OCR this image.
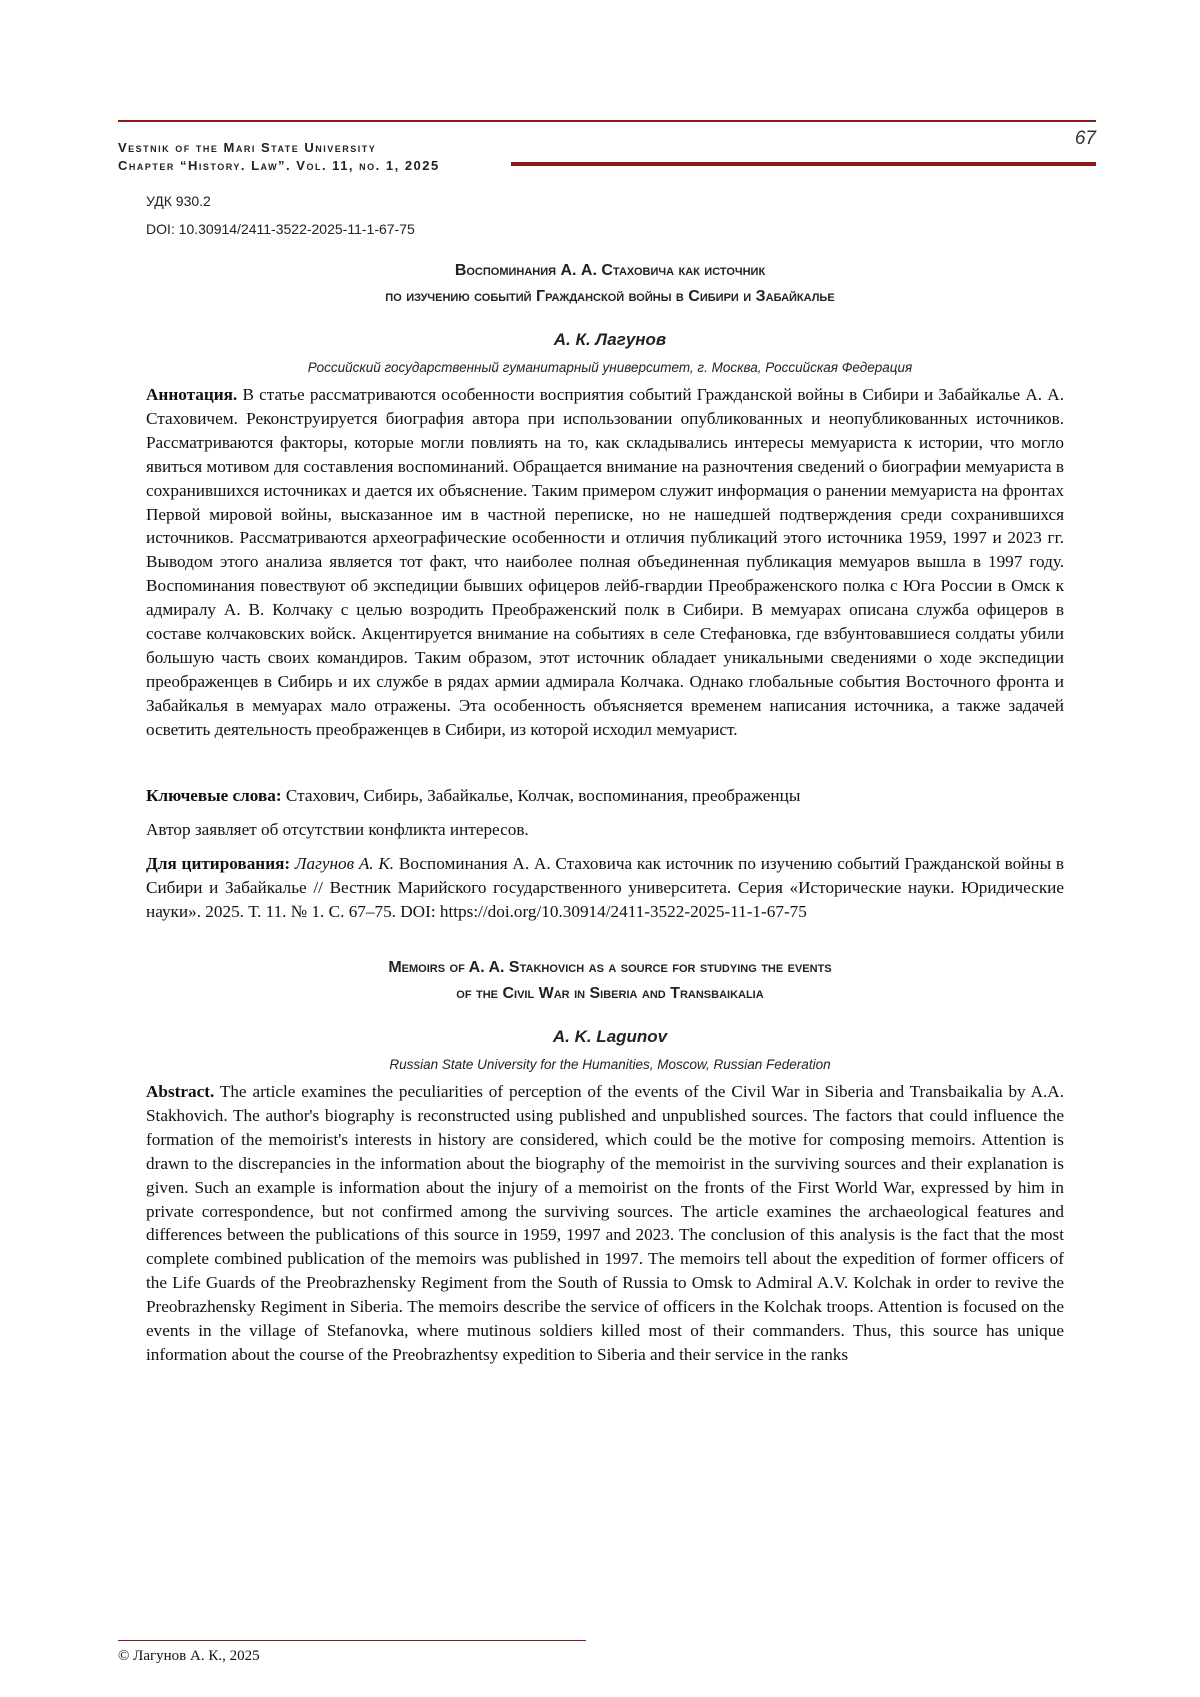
Vestnik of the Mari State University
Chapter “History. Law”. Vol. 11, no. 1, 2025
67
УДК 930.2
DOI: 10.30914/2411-3522-2025-11-1-67-75
Воспоминания А. А. Стаховича как источник
по изучению событий Гражданской войны в Сибири и Забайкалье
А. К. Лагунов
Российский государственный гуманитарный университет, г. Москва, Российская Федерация

Аннотация. В статье рассматриваются особенности восприятия событий Гражданской войны в Сибири и Забайкалье А. А. Стаховичем. Реконструируется биография автора при использовании опубликованных и неопубликованных источников. Рассматриваются факторы, которые могли повлиять на то, как складывались интересы мемуариста к истории, что могло явиться мотивом для составления воспоминаний. Обращается внимание на разночтения сведений о биографии мемуариста в сохранившихся источниках и дается их объяснение. Таким примером служит информация о ранении мемуариста на фронтах Первой мировой войны, высказанное им в частной переписке, но не нашедшей подтверждения среди сохранившихся источников. Рассматриваются археографические особенности и отличия публикаций этого источника 1959, 1997 и 2023 гг. Выводом этого анализа является тот факт, что наиболее полная объединенная публикация мемуаров вышла в 1997 году. Воспоминания повествуют об экспедиции бывших офицеров лейб-гвардии Преображенского полка с Юга России в Омск к адмиралу А. В. Колчаку с целью возродить Преображенский полк в Сибири. В мемуарах описана служба офицеров в составе колчаковских войск. Акцентируется внимание на событиях в селе Стефановка, где взбунтовавшиеся солдаты убили большую часть своих командиров. Таким образом, этот источник обладает уникальными сведениями о ходе экспедиции преображенцев в Сибирь и их службе в рядах армии адмирала Колчака. Однако глобальные события Восточного фронта и Забайкалья в мемуарах мало отражены. Эта особенность объясняется временем написания источника, а также задачей осветить деятельность преображенцев в Сибири, из которой исходил мемуарист.

Ключевые слова: Стахович, Сибирь, Забайкалье, Колчак, воспоминания, преображенцы

Автор заявляет об отсутствии конфликта интересов.

Для цитирования: Лагунов А. К. Воспоминания А. А. Стаховича как источник по изучению событий Гражданской войны в Сибири и Забайкалье // Вестник Марийского государственного университета. Серия «Исторические науки. Юридические науки». 2025. Т. 11. № 1. С. 67–75. DOI: https://doi.org/10.30914/2411-3522-2025-11-1-67-75

Memoirs of A. A. Stakhovich as a source for studying the events
of the Civil War in Siberia and Transbaikalia
A. K. Lagunov
Russian State University for the Humanities, Moscow, Russian Federation

Abstract. The article examines the peculiarities of perception of the events of the Civil War in Siberia and Transbaikalia by A.A. Stakhovich. The author's biography is reconstructed using published and unpublished sources. The factors that could influence the formation of the memoirist's interests in history are considered, which could be the motive for composing memoirs. Attention is drawn to the discrepancies in the information about the biography of the memoirist in the surviving sources and their explanation is given. Such an example is information about the injury of a memoirist on the fronts of the First World War, expressed by him in private correspondence, but not confirmed among the surviving sources. The article examines the archaeological features and differences between the publications of this source in 1959, 1997 and 2023. The conclusion of this analysis is the fact that the most complete combined publication of the memoirs was published in 1997. The memoirs tell about the expedition of former officers of the Life Guards of the Preobrazhensky Regiment from the South of Russia to Omsk to Admiral A.V. Kolchak in order to revive the Preobrazhensky Regiment in Siberia. The memoirs describe the service of officers in the Kolchak troops. Attention is focused on the events in the village of Stefanovka, where mutinous soldiers killed most of their commanders. Thus, this source has unique information about the course of the Preobrazhentsy expedition to Siberia and their service in the ranks

© Лагунов А. К., 2025
